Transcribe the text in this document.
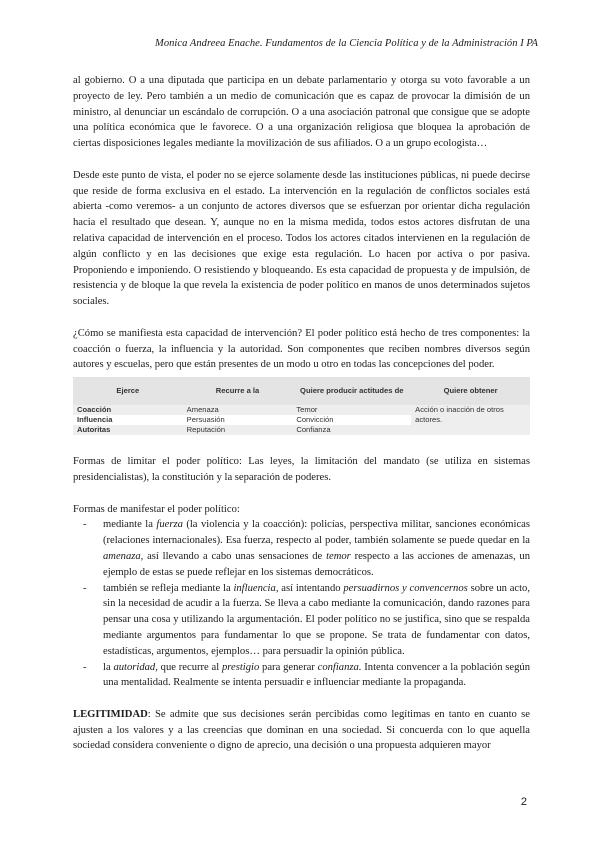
Monica Andreea Enache. Fundamentos de la Ciencia Política y de la Administración I PA

al gobierno. O a una diputada que participa en un debate parlamentario y otorga su voto favorable a un proyecto de ley. Pero también a un medio de comunicación que es capaz de provocar la dimisión de un ministro, al denunciar un escándalo de corrupción. O a una asociación patronal que consigue que se adopte una política económica que le favorece. O a una organización religiosa que bloquea la aprobación de ciertas disposiciones legales mediante la movilización de sus afiliados. O a un grupo ecologista…

Desde este punto de vista, el poder no se ejerce solamente desde las instituciones públicas, ni puede decirse que reside de forma exclusiva en el estado. La intervención en la regulación de conflictos sociales está abierta -como veremos- a un conjunto de actores diversos que se esfuerzan por orientar dicha regulación hacia el resultado que desean. Y, aunque no en la misma medida, todos estos actores disfrutan de una relativa capacidad de intervención en el proceso. Todos los actores citados intervienen en la regulación de algún conflicto y en las decisiones que exige esta regulación. Lo hacen por activa o por pasiva. Proponiendo e imponiendo. O resistiendo y bloqueando. Es esta capacidad de propuesta y de impulsión, de resistencia y de bloque la que revela la existencia de poder político en manos de unos determinados sujetos sociales.

¿Cómo se manifiesta esta capacidad de intervención? El poder político está hecho de tres componentes: la coacción o fuerza, la influencia y la autoridad. Son componentes que reciben nombres diversos según autores y escuelas, pero que están presentes de un modo u otro en todas las concepciones del poder.

Ejerce	Recurre a la	Quiere producir actitudes de	Quiere obtener
Coacción	Amenaza	Temor	Acción o inacción de otros actores.
Influencia	Persuasión	Convicción	
Autoritas	Reputación	Confianza	

Formas de limitar el poder político: Las leyes, la limitación del mandato (se utiliza en sistemas presidencialistas), la constitución y la separación de poderes.

Formas de manifestar el poder político:

- mediante la fuerza (la violencia y la coacción): policías, perspectiva militar, sanciones económicas (relaciones internacionales). Esa fuerza, respecto al poder, también solamente se puede quedar en la amenaza, así llevando a cabo unas sensaciones de temor respecto a las acciones de amenazas, un ejemplo de estas se puede reflejar en los sistemas democráticos.
- también se refleja mediante la influencia, así intentando persuadirnos y convencernos sobre un acto, sin la necesidad de acudir a la fuerza. Se lleva a cabo mediante la comunicación, dando razones para pensar una cosa y utilizando la argumentación. El poder político no se justifica, sino que se respalda mediante argumentos para fundamentar lo que se propone. Se trata de fundamentar con datos, estadísticas, argumentos, ejemplos… para persuadir la opinión pública.
- la autoridad, que recurre al prestigio para generar confianza. Intenta convencer a la población según una mentalidad. Realmente se intenta persuadir e influenciar mediante la propaganda.

LEGITIMIDAD: Se admite que sus decisiones serán percibidas como legítimas en tanto en cuanto se ajusten a los valores y a las creencias que dominan en una sociedad. Si concuerda con lo que aquella sociedad considera conveniente o digno de aprecio, una decisión o una propuesta adquieren mayor

2
